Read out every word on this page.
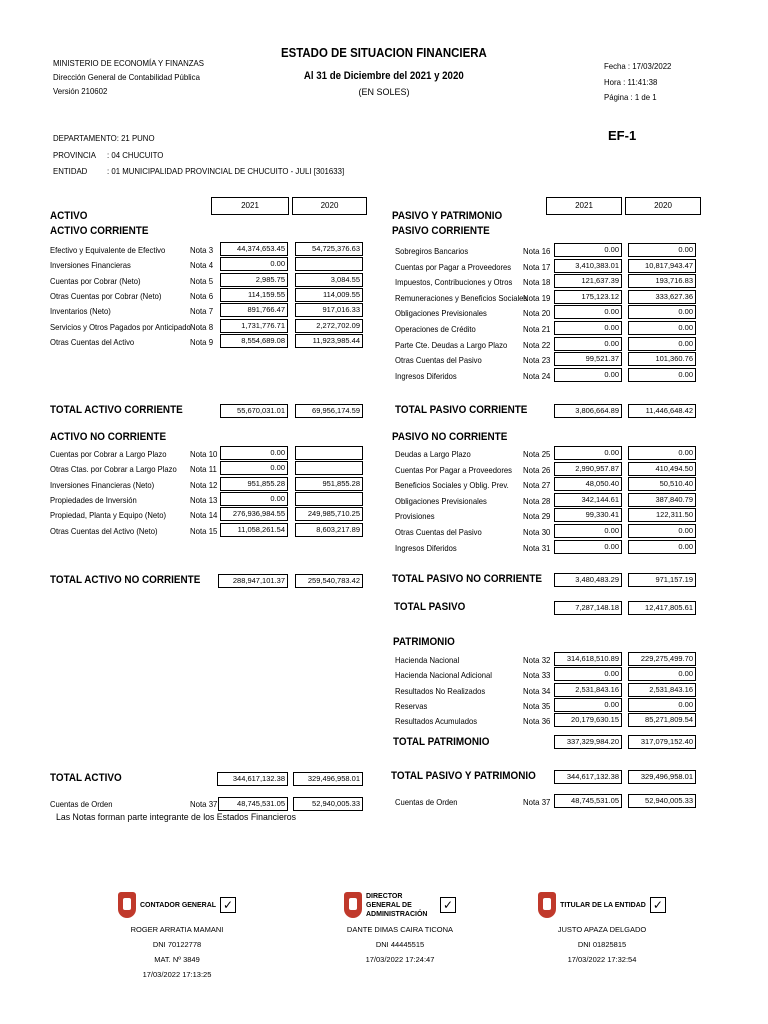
MINISTERIO DE ECONOMÍA Y FINANZAS
Dirección General de Contabilidad Pública
Versión 210602
ESTADO DE SITUACION FINANCIERA
Al 31 de Diciembre del 2021 y 2020
(EN SOLES)
Fecha : 17/03/2022
Hora : 11:41:38
Página : 1 de 1
EF-1
DEPARTAMENTO: 21 PUNO
PROVINCIA : 04 CHUCUITO
ENTIDAD : 01 MUNICIPALIDAD PROVINCIAL DE CHUCUITO - JULI [301633]
2021	2020	2021	2020
ACTIVO
ACTIVO CORRIENTE
Efectivo y Equivalente de Efectivo	Nota 3	44,374,653.45	54,725,376.63
Inversiones Financieras	Nota 4	0.00
Cuentas por Cobrar (Neto)	Nota 5	2,985.75	3,084.55
Otras Cuentas por Cobrar (Neto)	Nota 6	114,159.55	114,009.55
Inventarios (Neto)	Nota 7	891,766.47	917,016.33
Servicios y Otros Pagados por Anticipado Nota 8	1,731,776.71	2,272,702.09
Otras Cuentas del Activo	Nota 9	8,554,689.08	11,923,985.44
TOTAL ACTIVO CORRIENTE	55,670,031.01	69,956,174.59
ACTIVO NO CORRIENTE
Cuentas por Cobrar a Largo Plazo	Nota 10	0.00
Otras Ctas. por Cobrar a Largo Plazo Nota 11	0.00
Inversiones Financieras (Neto)	Nota 12	951,855.28	951,855.28
Propiedades de Inversión	Nota 13	0.00
Propiedad, Planta y Equipo (Neto)	Nota 14	276,936,984.55	249,985,710.25
Otras Cuentas del Activo (Neto)	Nota 15	11,058,261.54	8,603,217.89
TOTAL ACTIVO NO CORRIENTE	288,947,101.37	259,540,783.42
TOTAL ACTIVO	344,617,132.38	329,496,958.01
Cuentas de Orden	Nota 37	48,745,531.05	52,940,005.33
Las Notas forman parte integrante de los Estados Financieros
PASIVO Y PATRIMONIO
PASIVO CORRIENTE
Sobregiros Bancarios	Nota 16	0.00	0.00
Cuentas por Pagar a Proveedores Nota 17	3,410,383.01	10,817,943.47
Impuestos, Contribuciones y Otros Nota 18	121,637.39	193,716.83
Remuneraciones y Beneficios Sociales
Nota 19	175,123.12	333,627.36
Obligaciones Previsionales	Nota 20	0.00	0.00
Operaciones de Crédito	Nota 21	0.00	0.00
Parte Cte. Deudas a Largo Plazo Nota 22	0.00	0.00
Otras Cuentas del Pasivo	Nota 23	99,521.37	101,360.76
Ingresos Diferidos	Nota 24	0.00	0.00
TOTAL PASIVO CORRIENTE	3,806,664.89	11,446,648.42
PASIVO NO CORRIENTE
Deudas a Largo Plazo	Nota 25	0.00	0.00
Cuentas Por Pagar a Proveedores Nota 26	2,990,957.87	410,494.50
Beneficios Sociales y Oblig. Prev. Nota 27	48,050.40	50,510.40
Obligaciones Previsionales	Nota 28	342,144.61	387,840.79
Provisiones	Nota 29	99,330.41	122,311.50
Otras Cuentas del Pasivo	Nota 30	0.00	0.00
Ingresos Diferidos	Nota 31	0.00	0.00
TOTAL PASIVO NO CORRIENTE	3,480,483.29	971,157.19
TOTAL PASIVO	7,287,148.18	12,417,805.61
PATRIMONIO
Hacienda Nacional	Nota 32	314,618,510.89	229,275,499.70
Hacienda Nacional Adicional	Nota 33	0.00	0.00
Resultados No Realizados	Nota 34	2,531,843.16	2,531,843.16
Reservas	Nota 35	0.00	0.00
Resultados Acumulados	Nota 36	20,179,630.15	85,271,809.54
TOTAL PATRIMONIO	337,329,984.20	317,079,152.40
TOTAL PASIVO Y PATRIMONIO	344,617,132.38	329,496,958.01
Cuentas de Orden	Nota 37	48,745,531.05	52,940,005.33
CONTADOR GENERAL ✓
ROGER ARRATIA MAMANI
DNI 70122778
MAT. Nº 3849
17/03/2022 17:13:25
DIRECTOR GENERAL DE ADMINISTRACIÓN
✓
DANTE DIMAS CAIRA TICONA
DNI 44445515
17/03/2022 17:24:47
TITULAR DE LA ENTIDAD ✓
JUSTO APAZA DELGADO
DNI 01825815
17/03/2022 17:32:54
